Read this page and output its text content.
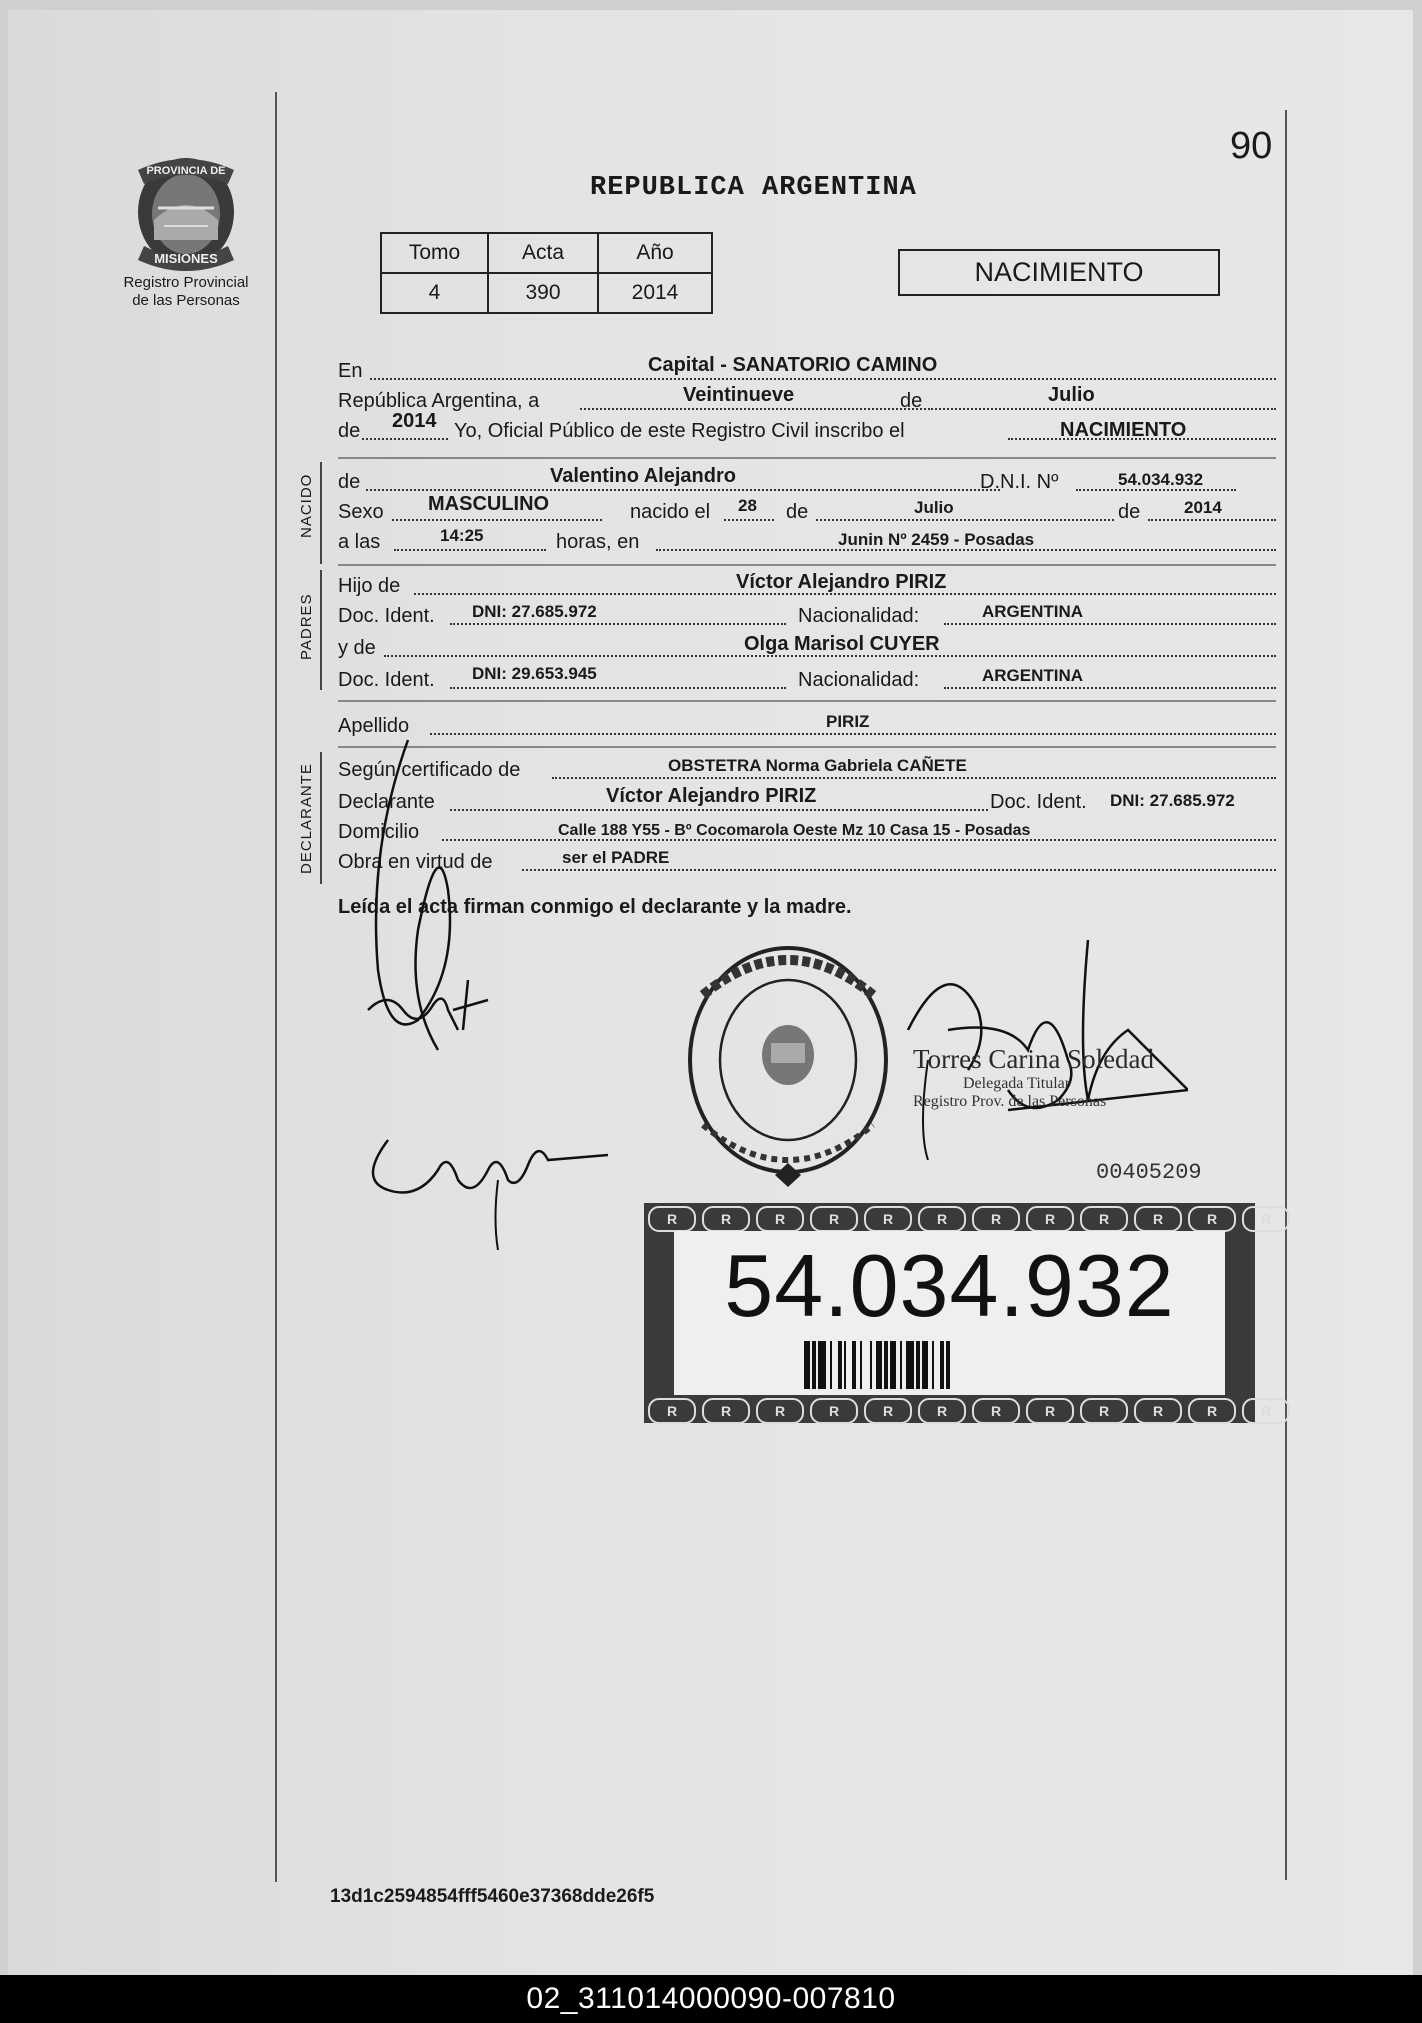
PROVINCIA DE
MISIONES
Registro Provincial
de las Personas
90
REPUBLICA ARGENTINA
Tomo	Acta	Año
4	390	2014
NACIMIENTO
En	Capital - SANATORIO CAMINO
República Argentina, a	Veintinueve	de	Julio
de 2014 Yo, Oficial Público de este Registro Civil inscribo el	NACIMIENTO
NACIDO de	Valentino Alejandro	D.N.I. Nº	54.034.932
Sexo MASCULINO	nacido el 28 de	Julio	de	2014
a las	14:25	horas, en	Junin Nº 2459 - Posadas
PADRES
Hijo de	Víctor Alejandro PIRIZ
Doc. Ident. DNI: 27.685.972	Nacionalidad:	ARGENTINA
y de	Olga Marisol CUYER
Doc. Ident. DNI: 29.653.945	Nacionalidad:	ARGENTINA
Apellido	PIRIZ
DECLARANTE Según certificado de	OBSTETRA Norma Gabriela CAÑETE
Declarante	Víctor Alejandro PIRIZ	Doc. Ident. DNI: 27.685.972
Domicilio	Calle 188 Y55 - Bº Cocomarola Oeste Mz 10 Casa 15 - Posadas
Obra en virtud de	ser el PADRE
Leída el acta firman conmigo el declarante y la madre.
Torres Carina Soledad
Delegada Titular
Registro Prov. de las Personas
00405209
R	R	R	R	R	R	R	R	R	R	R	R
R	R	R	R	R	R	R	R	R	R	R	R
54.034.932
13d1c2594854fff5460e37368dde26f5
02_311014000090-007810
